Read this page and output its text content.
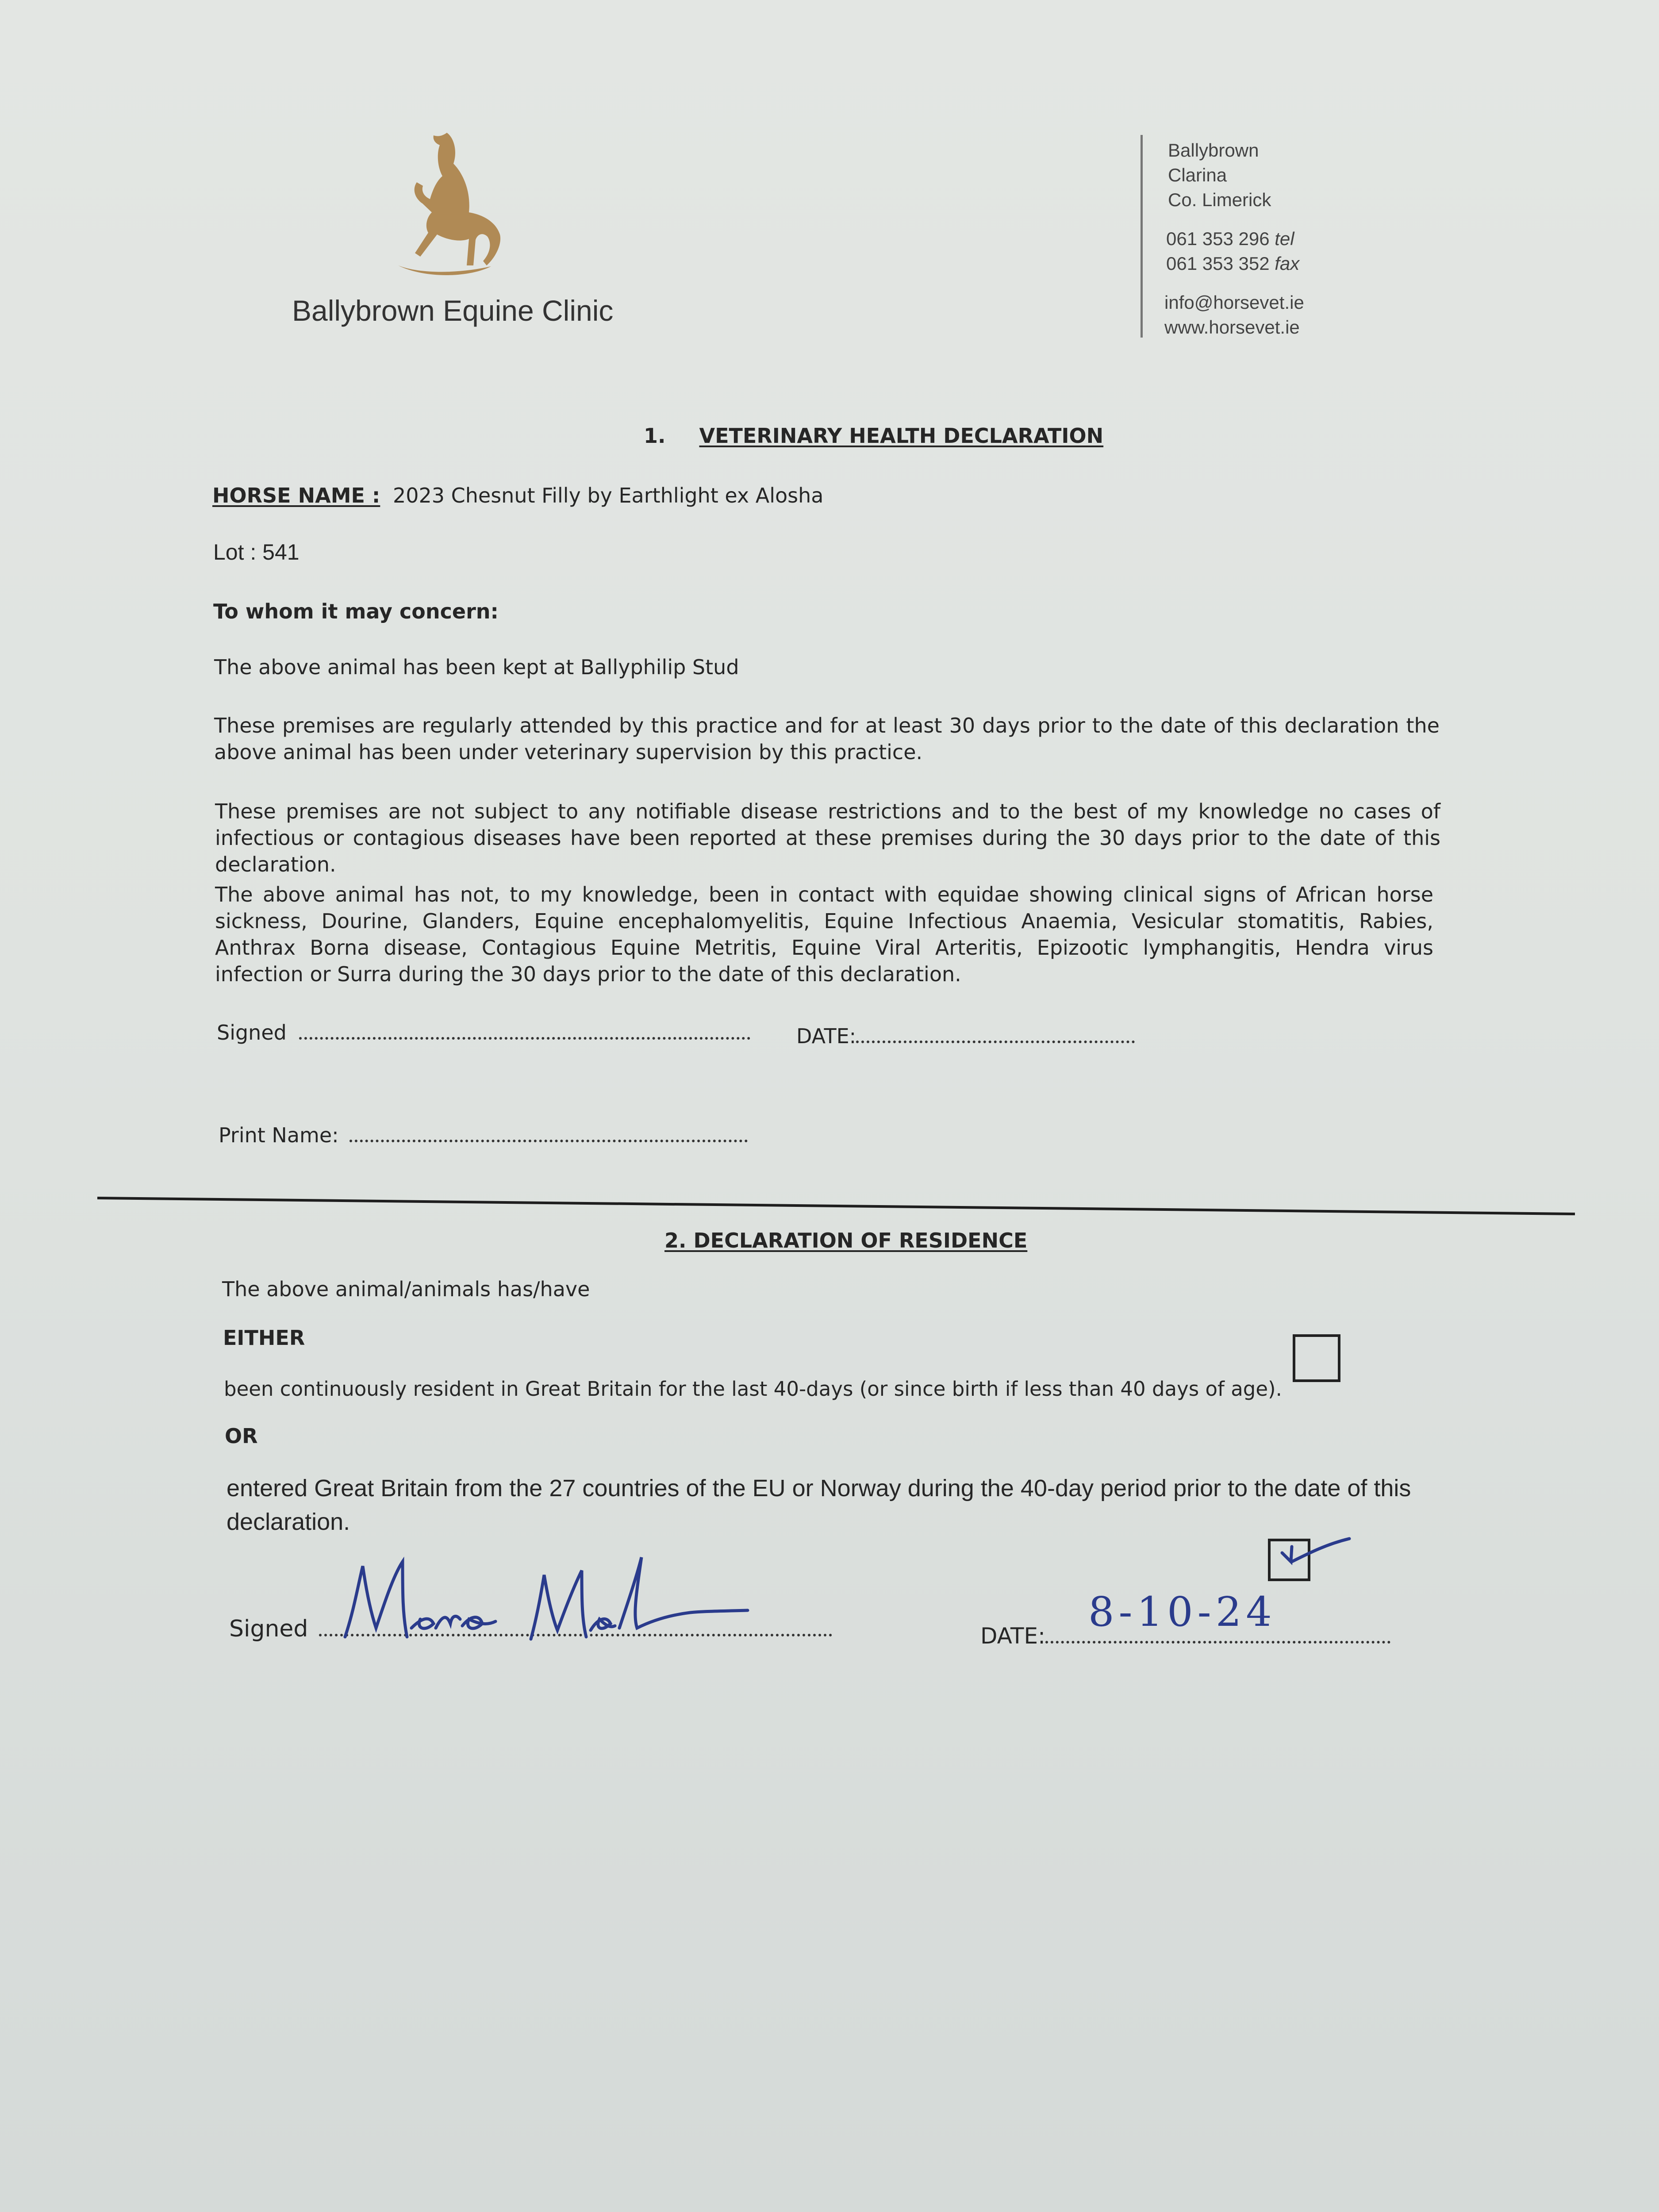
Ballybrown Equine Clinic
Ballybrown
Clarina
Co. Limerick
061 353 296 tel
061 353 352 fax
info@horsevet.ie
www.horsevet.ie
1. VETERINARY HEALTH DECLARATION
HORSE NAME : 2023 Chesnut Filly by Earthlight ex Alosha
Lot : 541
To whom it may concern:
The above animal has been kept at Ballyphilip Stud
These premises are regularly attended by this practice and for at least 30 days prior to the date of this declaration the above animal has been under veterinary supervision by this practice.
These premises are not subject to any notifiable disease restrictions and to the best of my knowledge no cases of infectious or contagious diseases have been reported at these premises during the 30 days prior to the date of this declaration.
The above animal has not, to my knowledge, been in contact with equidae showing clinical signs of African horse sickness, Dourine, Glanders, Equine encephalomyelitis, Equine Infectious Anaemia, Vesicular stomatitis, Rabies, Anthrax Borna disease, Contagious Equine Metritis, Equine Viral Arteritis, Epizootic lymphangitis, Hendra virus infection or Surra during the 30 days prior to the date of this declaration.
Signed	DATE:
Print Name:
2. DECLARATION OF RESIDENCE
The above animal/animals has/have
EITHER
been continuously resident in Great Britain for the last 40-days (or since birth if less than 40 days of age).
OR
entered Great Britain from the 27 countries of the EU or Norway during the 40-day period prior to the date of this declaration.
Signed	DATE:
8-10-24
